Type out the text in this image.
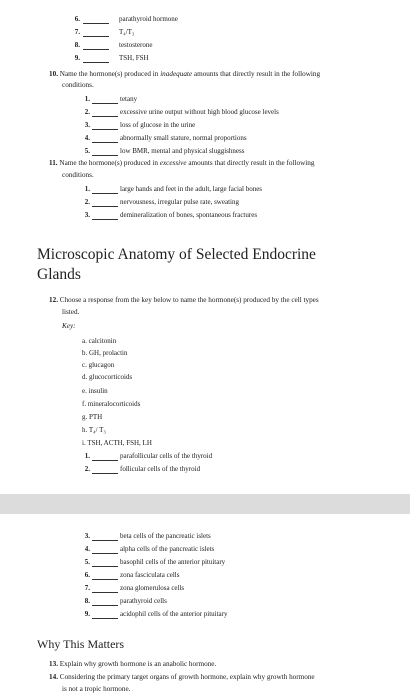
6.	parathyroid hormone
7.	T₄/T₃
8.	testosterone
9.	TSH, FSH
10. Name the hormone(s) produced in inadequate amounts that directly result in the following
conditions.
1.	tetany
2.	excessive urine output without high blood glucose levels
3.	loss of glucose in the urine
4.	abnormally small stature, normal proportions
5.	low BMR, mental and physical sluggishness
11. Name the hormone(s) produced in excessive amounts that directly result in the following
conditions.
1.	large hands and feet in the adult, large facial bones
2.	nervousness, irregular pulse rate, sweating
3.	demineralization of bones, spontaneous fractures
Microscopic Anatomy of Selected Endocrine
Glands
12. Choose a response from the key below to name the hormone(s) produced by the cell types
listed.
Key:
a. calcitonin
b. GH, prolactin
c. glucagon
d. glucocorticoids
e. insulin
f. mineralocorticoids
g. PTH
h. T₄/ T₃
i. TSH, ACTH, FSH, LH
1.	parafollicular cells of the thyroid
2.	follicular cells of the thyroid
3.	beta cells of the pancreatic islets
4.	alpha cells of the pancreatic islets
5.	basophil cells of the anterior pituitary
6.	zona fasciculata cells
7.	zona glomerulosa cells
8.	parathyroid cells
9.	acidophil cells of the anterior pituitary
Why This Matters
13. Explain why growth hormone is an anabolic hormone.
14. Considering the primary target organs of growth hormone, explain why growth hormone
is not a tropic hormone.
